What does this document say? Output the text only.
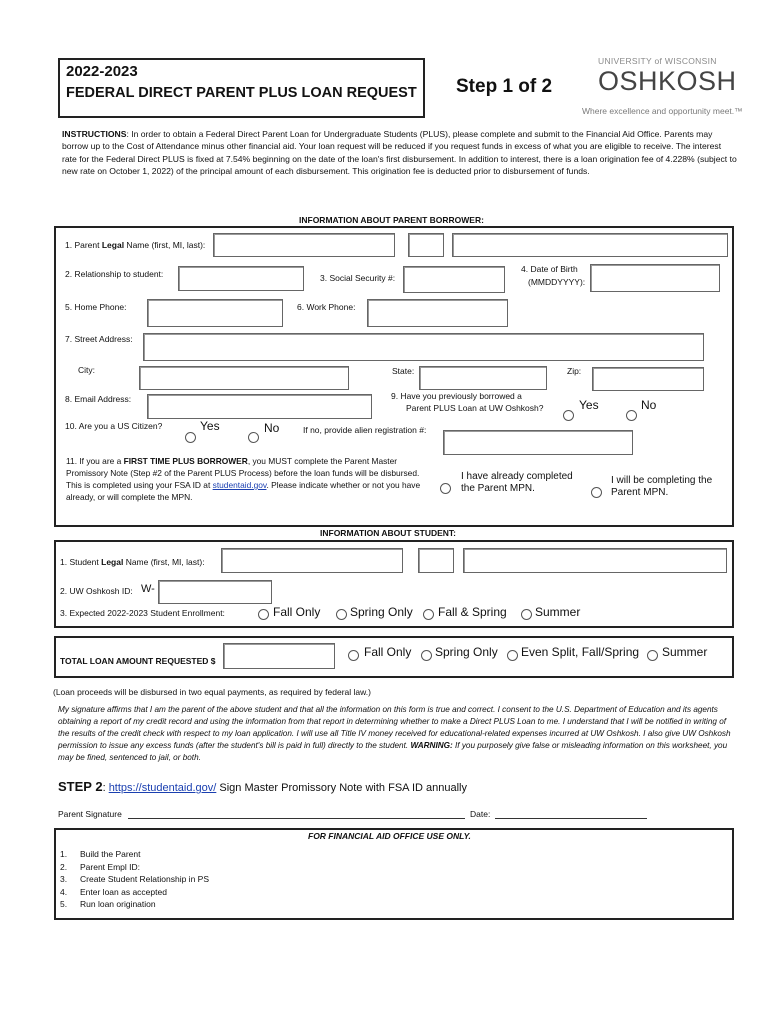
2022-2023
FEDERAL DIRECT PARENT PLUS LOAN REQUEST Step 1 of 2
UNIVERSITY of WISCONSIN
OSHKOSH
Where excellence and opportunity meet.™
INSTRUCTIONS: In order to obtain a Federal Direct Parent Loan for Undergraduate Students (PLUS), please complete and submit to the Financial Aid Office. Parents may borrow up to the Cost of Attendance minus other financial aid. Your loan request will be reduced if you request funds in excess of what you are eligible to receive. The interest rate for the Federal Direct PLUS is fixed at 7.54% beginning on the date of the loan's first disbursement. In addition to interest, there is a loan origination fee of 4.228% (subject to new rate on October 1, 2022) of the principal amount of each disbursement. This origination fee is deducted prior to disbursement of funds.
INFORMATION ABOUT PARENT BORROWER:
1. Parent Legal Name (first, MI, last):
2. Relationship to student:	3. Social Security #:
4. Date of Birth
(MMDDYYYY):
5. Home Phone:	6. Work Phone:
7. Street Address:
City:	State:	Zip:
8. Email Address:	9. Have you previously borrowed a
Parent PLUS Loan at UW Oshkosh?	Yes	No
10. Are you a US Citizen?	Yes	No	If no, provide alien registration #:
11. If you are a FIRST TIME PLUS BORROWER, you MUST complete the Parent Master Promissory Note (Step #2 of the Parent PLUS Process) before the loan funds will be disbursed. This is completed using your FSA ID at studentaid.gov. Please indicate whether or not you have already, or will complete the MPN.
I have already completed the Parent MPN.
I will be completing the Parent MPN.
INFORMATION ABOUT STUDENT:
1. Student Legal Name (first, MI, last):
2. UW Oshkosh ID: W-
3. Expected 2022-2023 Student Enrollment:	Fall Only Spring Only Fall & Spring Summer
TOTAL LOAN AMOUNT REQUESTED $
Fall Only Spring Only Even Split, Fall/Spring Summer
(Loan proceeds will be disbursed in two equal payments, as required by federal law.)
My signature affirms that I am the parent of the above student and that all the information on this form is true and correct. I consent to the U.S. Department of Education and its agents obtaining a report of my credit record and using the information from that report in determining whether to make a Direct PLUS Loan to me. I understand that I will be notified in writing of the results of the credit check with respect to my loan application. I will use all Title IV money received for educational-related expenses incurred at UW Oshkosh. I also give UW Oshkosh permission to issue any excess funds (after the student's bill is paid in full) directly to the student. WARNING: If you purposely give false or misleading information on this worksheet, you may be fined, sentenced to jail, or both.
STEP 2: https://studentaid.gov/ Sign Master Promissory Note with FSA ID annually
Parent Signature	Date:
FOR FINANCIAL AID OFFICE USE ONLY.
1. Build the Parent
2. Parent Empl ID:
3. Create Student Relationship in PS
4. Enter loan as accepted
5. Run loan origination
